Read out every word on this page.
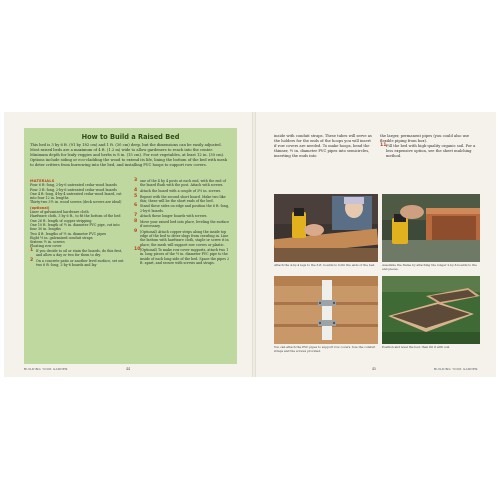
How to Build a Raised Bed

This bed is 3 by 6 ft. (91 by 182 cm) and 1 ft. (30 cm) deep, but the dimensions can be easily adjusted. Most raised beds are a maximum of 4 ft. (1.2 m) wide to allow gardeners to reach into the center. Minimum depth for leafy veggies and herbs is 8 in. (15 cm). For root vegetables, at least 12 in. (30 cm). Options include siding or eco-cladding the wood to extend its life, lining the bottom of the bed with mesh to deter critters from burrowing into the bed, and installing PVC hoops to support row covers.

MATERIALS

Four 6 ft.-long, 2-by-6 untreated cedar wood boards

Four 3 ft.-long, 2-by-6 untreated cedar wood boards

One 4 ft.-long, 4-by-4 untreated cedar wood board, cut into four 12 in. lengths

Thirty-two 3½ in. wood screws (deck screws are ideal)

(optional)

Liner of galvanized hardware cloth

Hardware cloth, 3 by 6 ft., to fit the bottom of the bed

One 26 ft. length of copper stripping

One 10 ft. length of ½ in. diameter PVC pipe, cut into four 30 in. lengths

Two 4 ft. lengths of ½ in. diameter PVC pipes

Eight ½ in. galvanized conduit straps

Sixteen ½ in. screws

Floating row cover

1 If you decide to oil or stain the boards, do this first, and allow a day or two for them to dry.
2 On a concrete patio or another level surface, set out two 6 ft.-long, 2-by-6 boards and lay
3 one of the 4 by 4 posts at each end, with the end of the board flush with the post. Attach with screws.
4 Attach the board with a couple of 3½ in. screws.
5 Repeat with the second short board. Make two like this; these will be the short ends of the bed.
6 Stand these sides on edge and position the 6 ft.-long, 2-by-6 boards.
7 Attach these longer boards with screws.
8 Move your raised bed into place, leveling the surface if necessary.
9 (Optional) Attach copper strips along the inside top edge of the bed to deter slugs from crawling in. Line the bottom with hardware cloth, staple or screw it in place; the mesh will support row covers or plastic.
10 (Optional) To make row cover supports, attach two 1 in. long pieces of the ½ in. diameter PVC pipe to the inside of each long side of the bed. Space the pipes 2 ft. apart, and secure with screws and straps.
BUILDING YOUR GARDEN	44
inside with conduit straps. These tubes will serve as the holders for the ends of the hoops you will insert if row covers are needed. To make hoops, bend the thinner, ½ in. diameter PVC pipes into semicircles, inserting the ends into
the larger, permanent pipes (you could also use flexible piping from box).
11 Fill the bed with high-quality organic soil. For a less expensive option, see the sheet mulching method.
Attach the 4-by-4 legs to the 3-ft. boards to form the ends of the bed.	Assemble the frame by attaching the longer 2-by-6 boards to the end pieces.
You can attach the PVC pipes to support row covers. Use the conduit straps and the screws provided.
Position and level the bed, then fill it with soil.
45	BUILDING YOUR GARDEN
